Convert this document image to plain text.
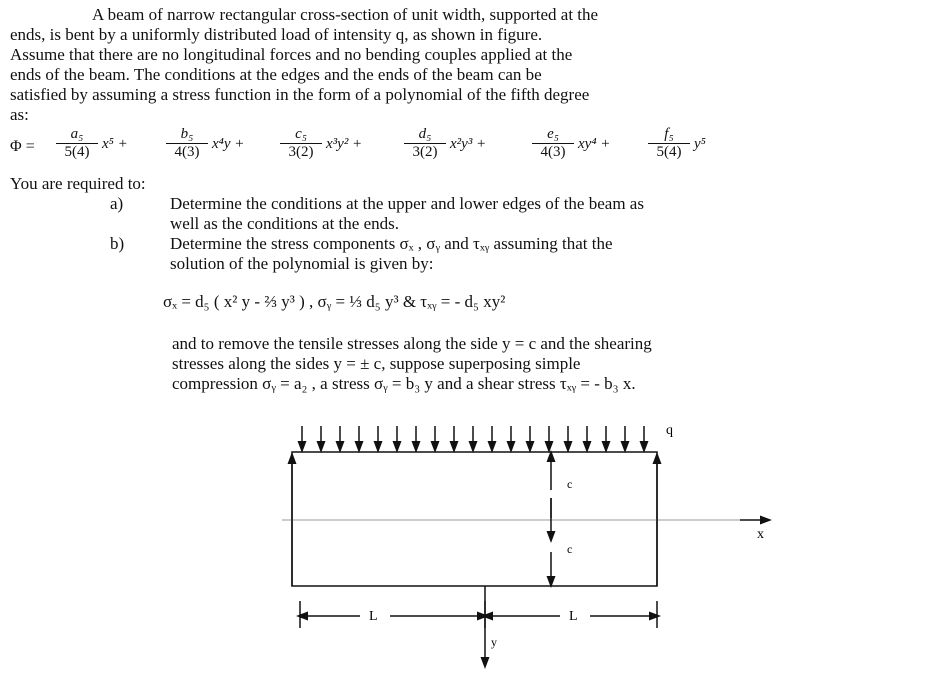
A beam of narrow rectangular cross-section of unit width, supported at the
ends, is bent by a uniformly distributed load of intensity q, as shown in figure.
Assume that there are no longitudinal forces and no bending couples applied at the
ends of the beam. The conditions at the edges and the ends of the beam can be
satisfied by assuming a stress function in the form of a polynomial of the fifth degree
as:
$\Phi = \frac{\text{a₅}}{5(4)} x^5$ +	$\frac{\text{b₅}}{4(3)} x^4y + \frac{\text{c₅}}{3(2)} x^3y^2$ +	$\frac{\text{d₅}}{3(2)} x^2y^3$ +	$\frac{\text{e₅}}{4(3)} xy^4$ +	$\frac{\text{f₅}}{5(4)} y^5$
You are required to:
a)	Determine the conditions at the upper and lower edges of the beam as
well as the conditions at the ends.
b)	Determine the stress components σₓ , σᵧ and τₓᵧ assuming that the
solution of the polynomial is given by:
σₓ = d₅ ( x² y - ⅔ y³ ) , σᵧ = ⅓ d₅ y³ & τₓᵧ = - d₅ xy²
and to remove the tensile stresses along the side y = c and the shearing
stresses along the sides y = ± c, suppose superposing simple
compression σᵧ = a₂ , a stress σᵧ = b₃ y and a shear stress τₓᵧ = - b₃ x.
q
c
c
x
y
L	L
